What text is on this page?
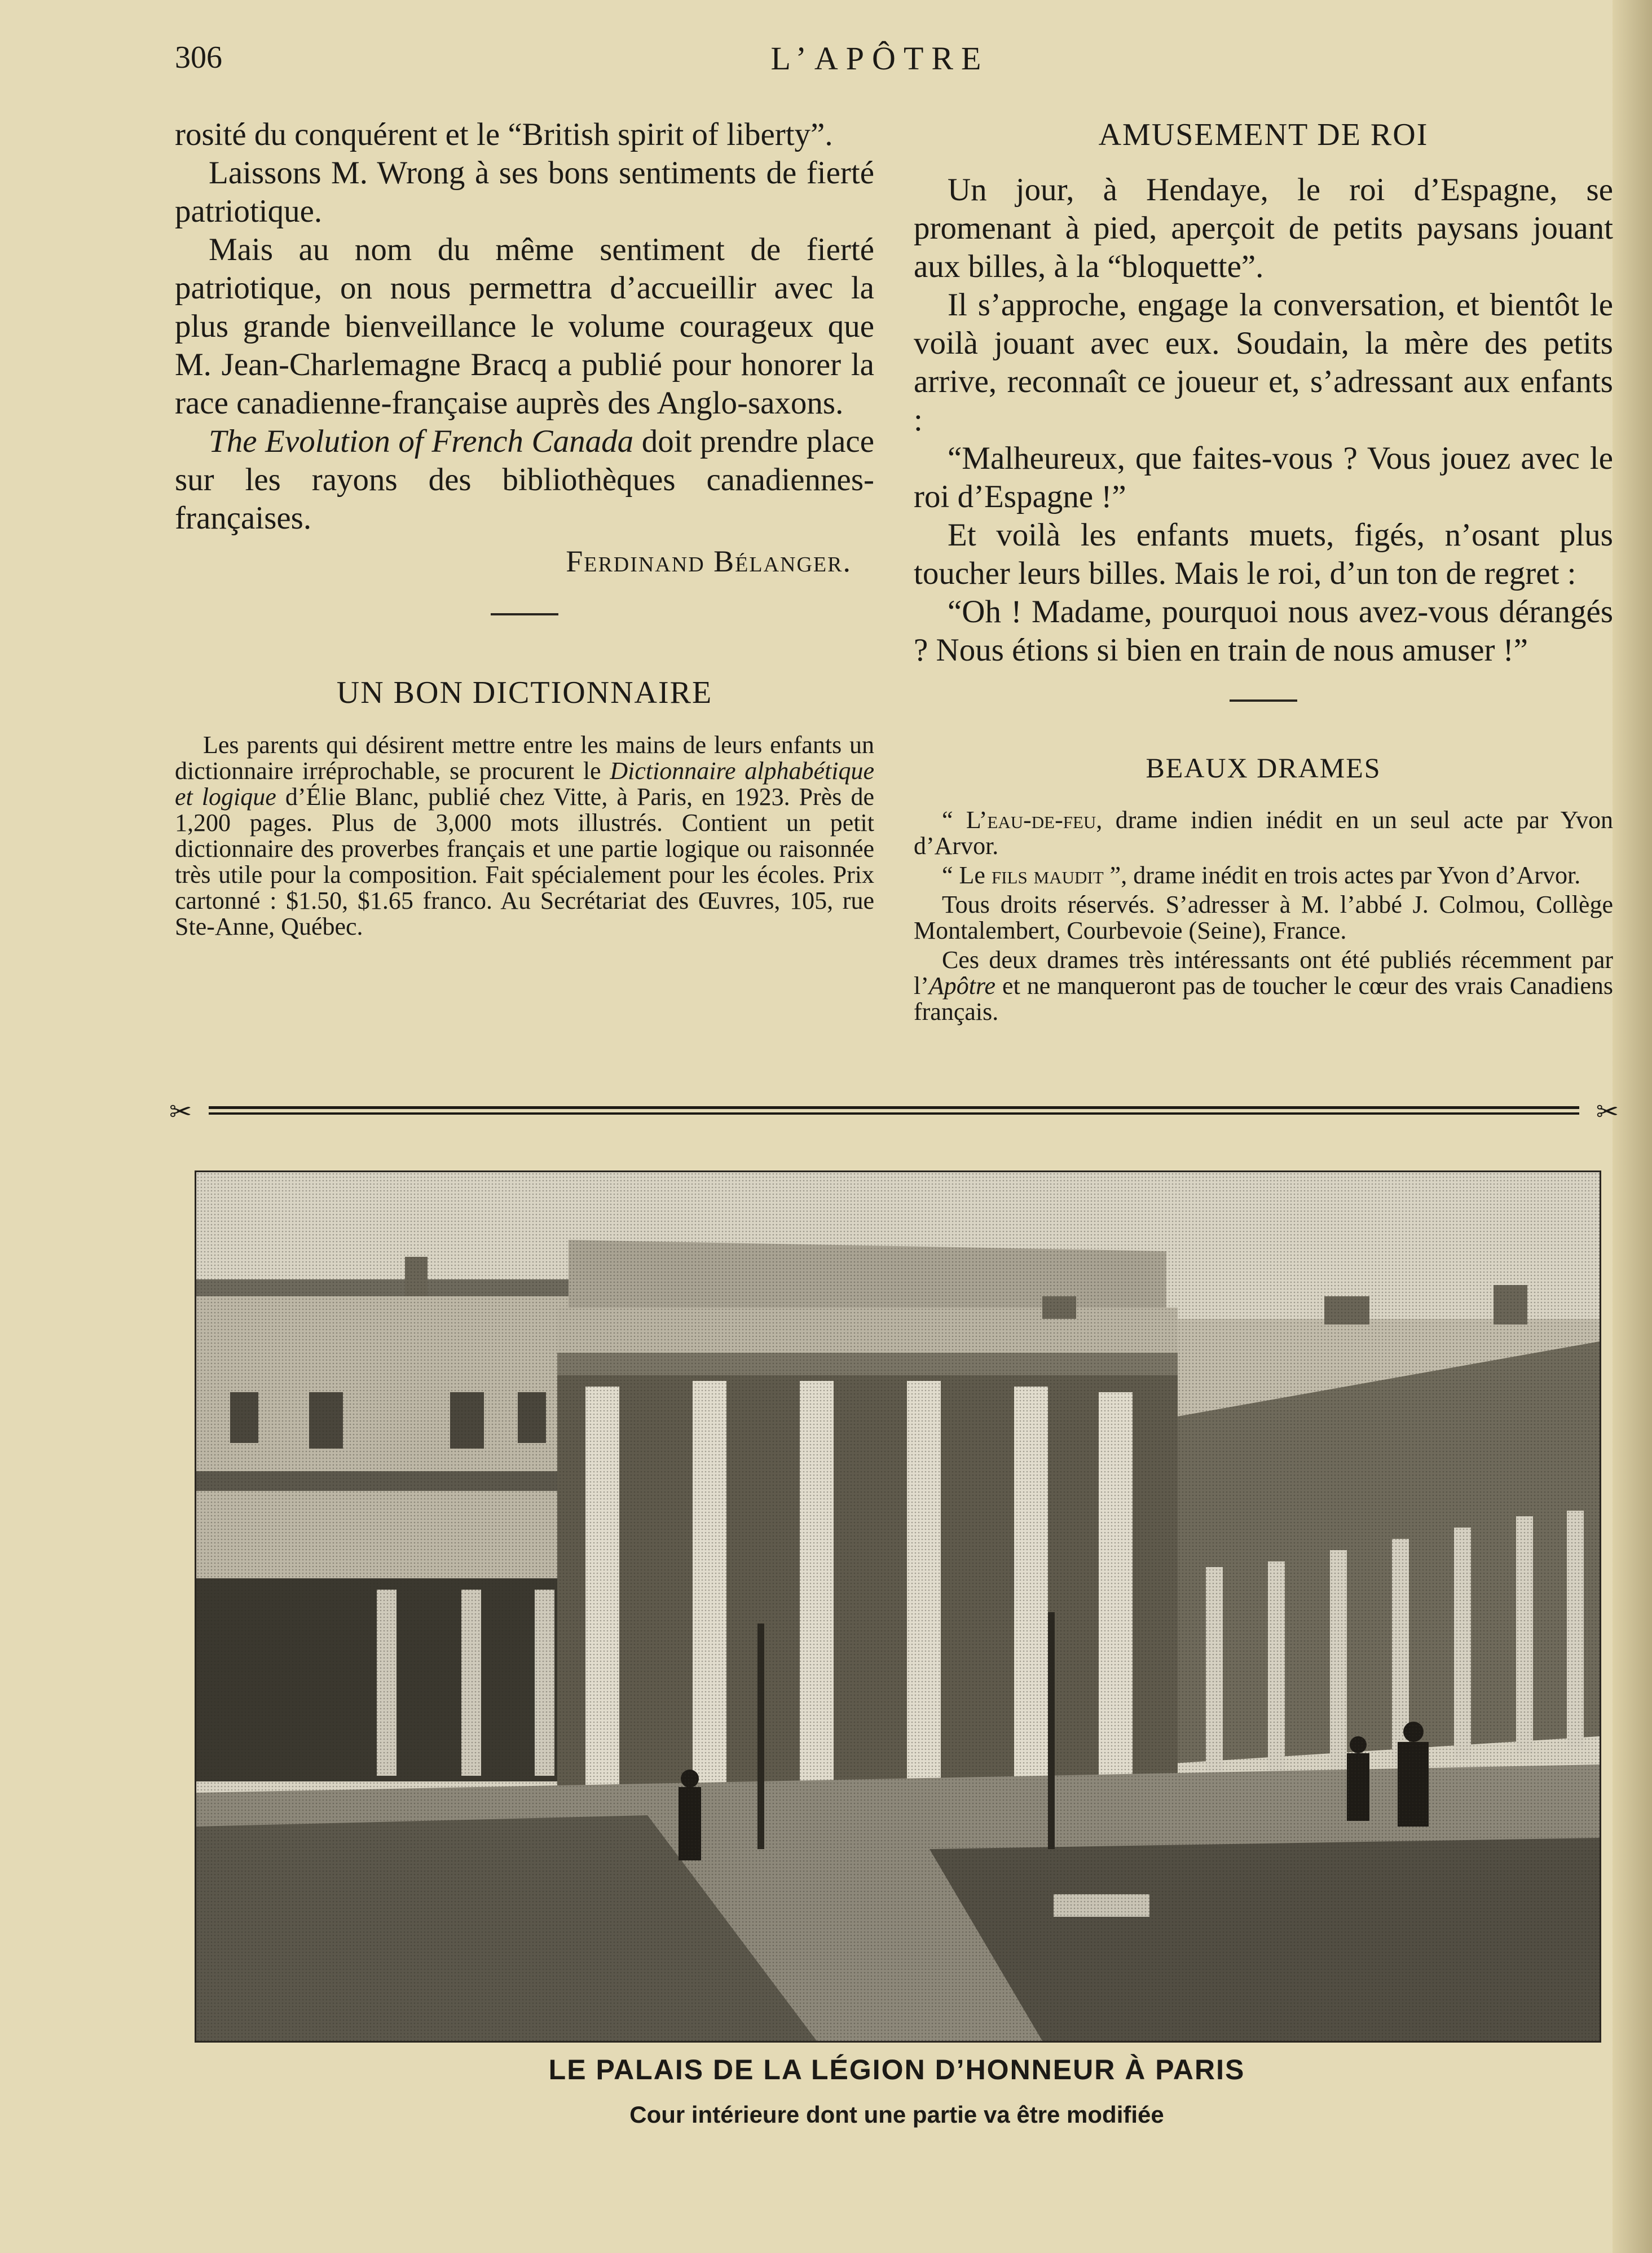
306	L’APÔTRE

rosité du conquérent et le “British spirit of liberty”.

Laissons M. Wrong à ses bons sentiments de fierté patriotique.

Mais au nom du même sentiment de fierté patriotique, on nous permettra d’accueillir avec la plus grande bienveillance le volume courageux que M. Jean-Charlemagne Bracq a publié pour honorer la race canadienne-française auprès des Anglo-saxons.

The Evolution of French Canada doit prendre place sur les rayons des bibliothèques canadiennes-françaises.

Ferdinand Bélanger.
UN BON DICTIONNAIRE

Les parents qui désirent mettre entre les mains de leurs enfants un dictionnaire irréprochable, se procurent le Dictionnaire alphabétique et logique d’Élie Blanc, publié chez Vitte, à Paris, en 1923. Près de 1,200 pages. Plus de 3,000 mots illustrés. Contient un petit dictionnaire des proverbes français et une partie logique ou raisonnée très utile pour la composition. Fait spécialement pour les écoles. Prix cartonné : $1.50, $1.65 franco. Au Secrétariat des Œuvres, 105, rue Ste-Anne, Québec.

AMUSEMENT DE ROI

Un jour, à Hendaye, le roi d’Espagne, se promenant à pied, aperçoit de petits paysans jouant aux billes, à la “bloquette”.

Il s’approche, engage la conversation, et bientôt le voilà jouant avec eux. Soudain, la mère des petits arrive, reconnaît ce joueur et, s’adressant aux enfants :

“Malheureux, que faites-vous ? Vous jouez avec le roi d’Espagne !”

Et voilà les enfants muets, figés, n’osant plus toucher leurs billes. Mais le roi, d’un ton de regret :

“Oh ! Madame, pourquoi nous avez-vous dérangés ? Nous étions si bien en train de nous amuser !”

BEAUX DRAMES

“ L’eau-de-feu, drame indien inédit en un seul acte par Yvon d’Arvor.

“ Le fils maudit ”, drame inédit en trois actes par Yvon d’Arvor.

Tous droits réservés. S’adresser à M. l’abbé J. Colmou, Collège Montalembert, Courbevoie (Seine), France.

Ces deux drames très intéressants ont été publiés récemment par l’Apôtre et ne manqueront pas de toucher le cœur des vrais Canadiens français.

✂	✂
LE PALAIS DE LA LÉGION D’HONNEUR À PARIS
Cour intérieure dont une partie va être modifiée
